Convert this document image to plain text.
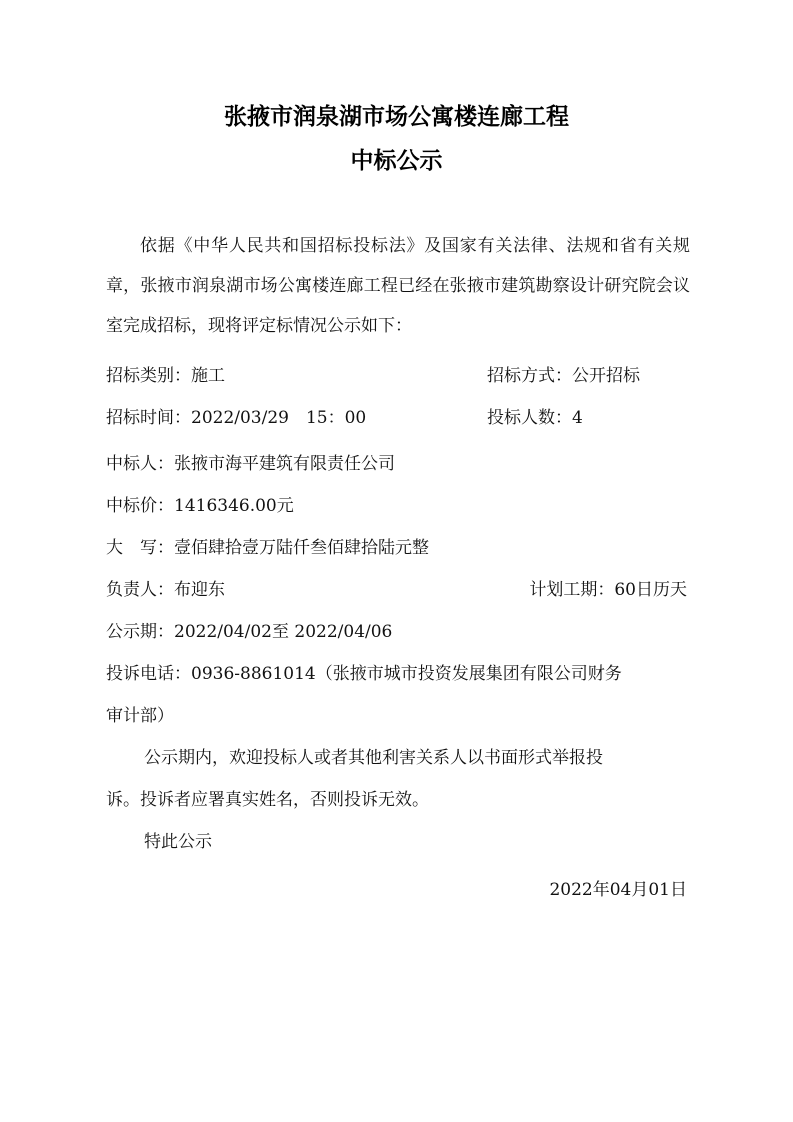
张掖市润泉湖市场公寓楼连廊工程
中标公示
依据《中华人民共和国招标投标法》及国家有关法律、法规和省有关规章，张掖市润泉湖市场公寓楼连廊工程已经在张掖市建筑勘察设计研究院会议室完成招标，现将评定标情况公示如下：
招标类别：施工	招标方式：公开招标
招标时间：2022/03/29　15：00	投标人数：4
中标人：张掖市海平建筑有限责任公司
中标价：1416346.00元
大　写：壹佰肆拾壹万陆仟叁佰肆拾陆元整
负责人：布迎东	计划工期：60日历天
公示期：2022/04/02至 2022/04/06
投诉电话：0936-8861014（张掖市城市投资发展集团有限公司财务
审计部）
公示期内，欢迎投标人或者其他利害关系人以书面形式举报投
诉。投诉者应署真实姓名，否则投诉无效。
特此公示
2022年04月01日
